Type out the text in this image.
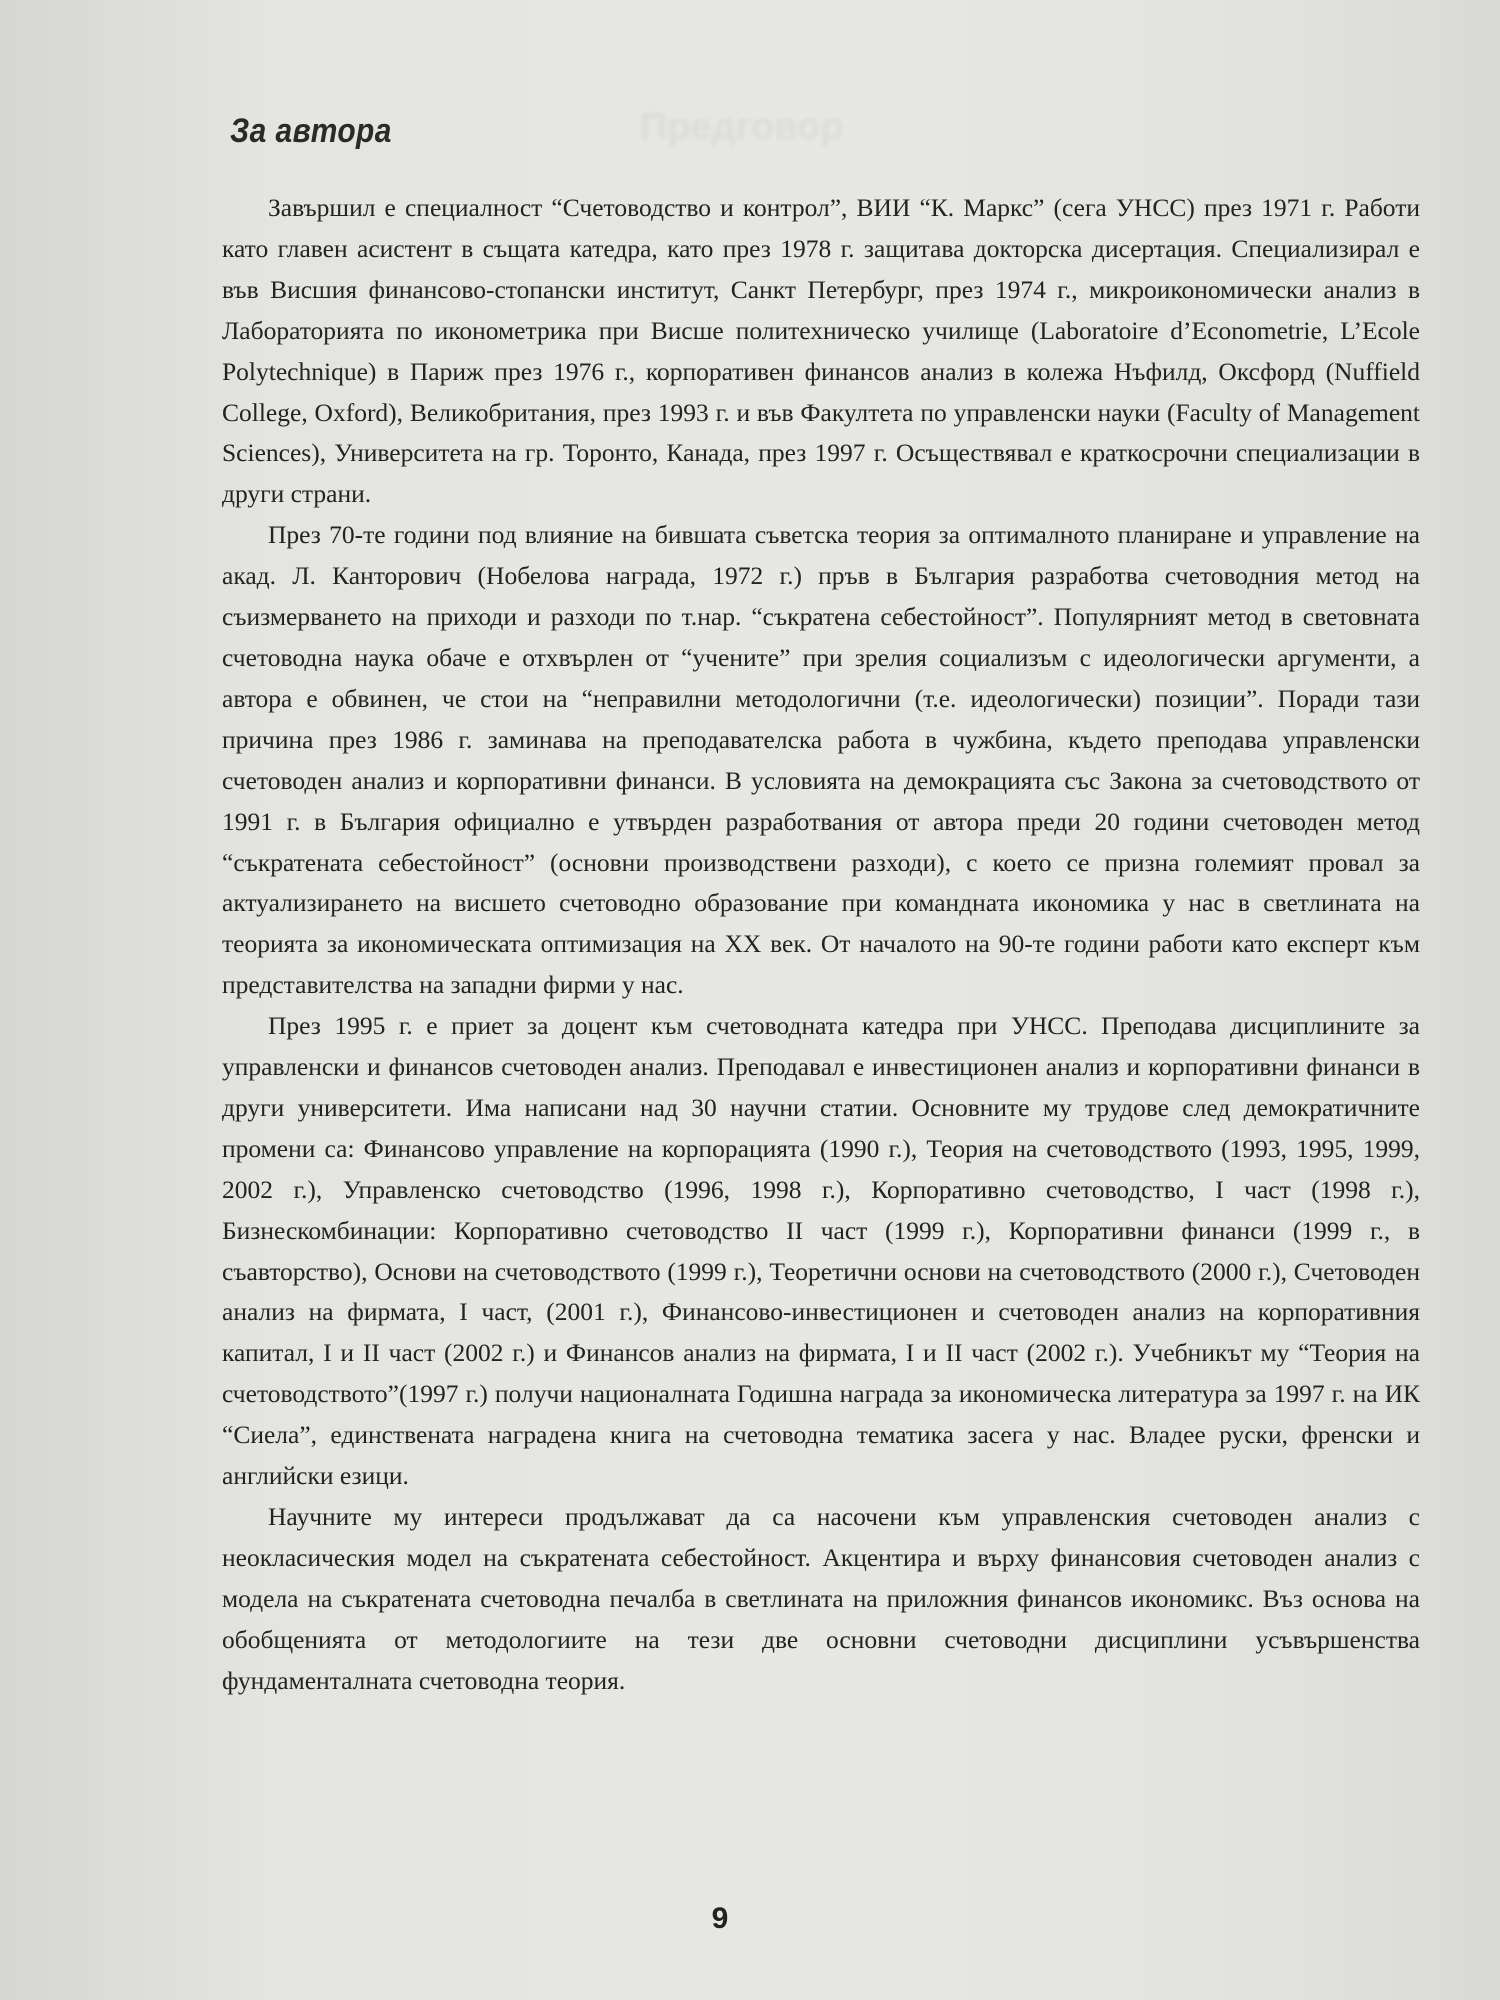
За автора	Предговор

Завършил е специалност “Счетоводство и контрол”, ВИИ “К. Маркс” (сега УНСС) през 1971 г. Работи като главен асистент в същата катедра, като през 1978 г. защитава докторска дисертация. Специализирал е във Висшия финансово-стопански институт, Санкт Петербург, през 1974 г., микроикономически анализ в Лабораторията по иконометрика при Висше политехническо училище (Laboratoire d’Econometrie, L’Ecole Polytechnique) в Париж през 1976 г., корпоративен финансов анализ в колежа Нъфилд, Оксфорд (Nuffield College, Oxford), Великобритания, през 1993 г. и във Факултета по управленски науки (Faculty of Management Sciences), Университета на гр. Торонто, Канада, през 1997 г. Осъществявал е краткосрочни специализации в други страни.

През 70-те години под влияние на бившата съветска теория за оптималното планиране и управление на акад. Л. Канторович (Нобелова награда, 1972 г.) пръв в България разработва счетоводния метод на съизмерването на приходи и разходи по т.нар. “съкратена себестойност”. Популярният метод в световната счетоводна наука обаче е отхвърлен от “учените” при зрелия социализъм с идеологически аргументи, а автора е обвинен, че стои на “неправилни методологични (т.е. идеологически) позиции”. Поради тази причина през 1986 г. заминава на преподавателска работа в чужбина, където преподава управленски счетоводен анализ и корпоративни финанси. В условията на демокрацията със Закона за счетоводството от 1991 г. в България официално е утвърден разработвания от автора преди 20 години счетоводен метод “съкратената себестойност” (основни производствени разходи), с което се призна големият провал за актуализирането на висшето счетоводно образование при командната икономика у нас в светлината на теорията за икономическата оптимизация на XX век. От началото на 90-те години работи като експерт към представителства на западни фирми у нас.

През 1995 г. е приет за доцент към счетоводната катедра при УНСС. Преподава дисциплините за управленски и финансов счетоводен анализ. Преподавал е инвестиционен анализ и корпоративни финанси в други университети. Има написани над 30 научни статии. Основните му трудове след демократичните промени са: Финансово управление на корпорацията (1990 г.), Теория на счетоводството (1993, 1995, 1999, 2002 г.), Управленско счетоводство (1996, 1998 г.), Корпоративно счетоводство, I част (1998 г.), Бизнескомбинации: Корпоративно счетоводство II част (1999 г.), Корпоративни финанси (1999 г., в съавторство), Основи на счетоводството (1999 г.), Теоретични основи на счетоводството (2000 г.), Счетоводен анализ на фирмата, I част, (2001 г.), Финансово-инвестиционен и счетоводен анализ на корпоративния капитал, I и II част (2002 г.) и Финансов анализ на фирмата, I и II част (2002 г.). Учебникът му “Теория на счетоводството”(1997 г.) получи националната Годишна награда за икономическа литература за 1997 г. на ИК “Сиела”, единствената наградена книга на счетоводна тематика засега у нас. Владее руски, френски и английски езици.

Научните му интереси продължават да са насочени към управленския счетоводен анализ с неокласическия модел на съкратената себестойност. Акцентира и върху финансовия счетоводен анализ с модела на съкратената счетоводна печалба в светлината на приложния финансов икономикс. Въз основа на обобщенията от методологиите на тези две основни счетоводни дисциплини усъвършенства фундаменталната счетоводна теория.

9
